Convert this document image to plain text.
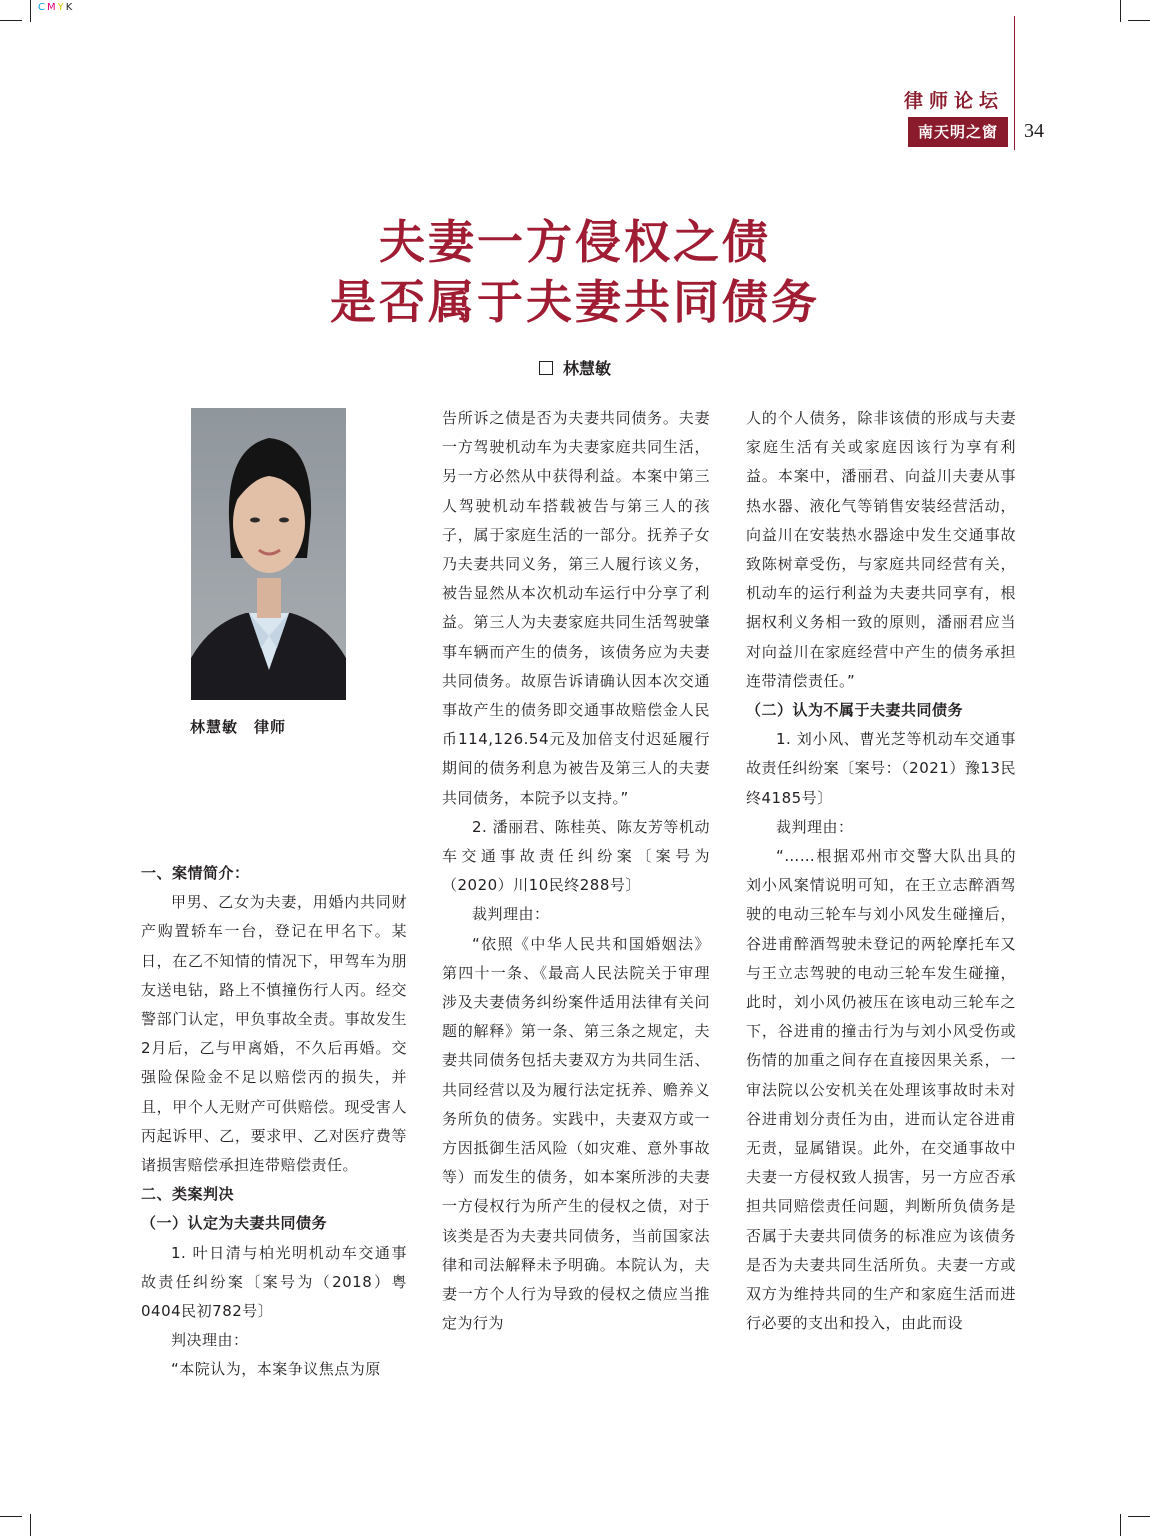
CMYK
律师论坛
南天明之窗	34
夫妻一方侵权之债
是否属于夫妻共同债务
林慧敏
林慧敏　律师

一、案情简介：

甲男、乙女为夫妻，用婚内共同财产购置轿车一台，登记在甲名下。某日，在乙不知情的情况下，甲驾车为朋友送电钻，路上不慎撞伤行人丙。经交警部门认定，甲负事故全责。事故发生2月后，乙与甲离婚，不久后再婚。交强险保险金不足以赔偿丙的损失，并且，甲个人无财产可供赔偿。现受害人丙起诉甲、乙，要求甲、乙对医疗费等诸损害赔偿承担连带赔偿责任。

二、类案判决

（一）认定为夫妻共同债务

1. 叶日清与柏光明机动车交通事故责任纠纷案〔案号为（2018）粤0404民初782号〕

判决理由：

“本院认为，本案争议焦点为原

告所诉之债是否为夫妻共同债务。夫妻一方驾驶机动车为夫妻家庭共同生活，另一方必然从中获得利益。本案中第三人驾驶机动车搭载被告与第三人的孩子，属于家庭生活的一部分。抚养子女乃夫妻共同义务，第三人履行该义务，被告显然从本次机动车运行中分享了利益。第三人为夫妻家庭共同生活驾驶肇事车辆而产生的债务，该债务应为夫妻共同债务。故原告诉请确认因本次交通事故产生的债务即交通事故赔偿金人民币114,126.54元及加倍支付迟延履行期间的债务利息为被告及第三人的夫妻共同债务，本院予以支持。”

2. 潘丽君、陈桂英、陈友芳等机动车交通事故责任纠纷案〔案号为（2020）川10民终288号〕

裁判理由：

“依照《中华人民共和国婚姻法》第四十一条、《最高人民法院关于审理涉及夫妻债务纠纷案件适用法律有关问题的解释》第一条、第三条之规定，夫妻共同债务包括夫妻双方为共同生活、共同经营以及为履行法定抚养、赡养义务所负的债务。实践中，夫妻双方或一方因抵御生活风险（如灾难、意外事故等）而发生的债务，如本案所涉的夫妻一方侵权行为所产生的侵权之债，对于该类是否为夫妻共同债务，当前国家法律和司法解释未予明确。本院认为，夫妻一方个人行为导致的侵权之债应当推定为行为

人的个人债务，除非该债的形成与夫妻家庭生活有关或家庭因该行为享有利益。本案中，潘丽君、向益川夫妻从事热水器、液化气等销售安装经营活动，向益川在安装热水器途中发生交通事故致陈树章受伤，与家庭共同经营有关，机动车的运行利益为夫妻共同享有，根据权利义务相一致的原则，潘丽君应当对向益川在家庭经营中产生的债务承担连带清偿责任。”

（二）认为不属于夫妻共同债务

1. 刘小风、曹光芝等机动车交通事故责任纠纷案〔案号：（2021）豫13民终4185号〕

裁判理由：

“……根据邓州市交警大队出具的刘小风案情说明可知，在王立志醉酒驾驶的电动三轮车与刘小风发生碰撞后，谷进甫醉酒驾驶未登记的两轮摩托车又与王立志驾驶的电动三轮车发生碰撞，此时，刘小风仍被压在该电动三轮车之下，谷进甫的撞击行为与刘小风受伤或伤情的加重之间存在直接因果关系，一审法院以公安机关在处理该事故时未对谷进甫划分责任为由，进而认定谷进甫无责，显属错误。此外，在交通事故中夫妻一方侵权致人损害，另一方应否承担共同赔偿责任问题，判断所负债务是否属于夫妻共同债务的标准应为该债务是否为夫妻共同生活所负。夫妻一方或双方为维持共同的生产和家庭生活而进行必要的支出和投入，由此而设
